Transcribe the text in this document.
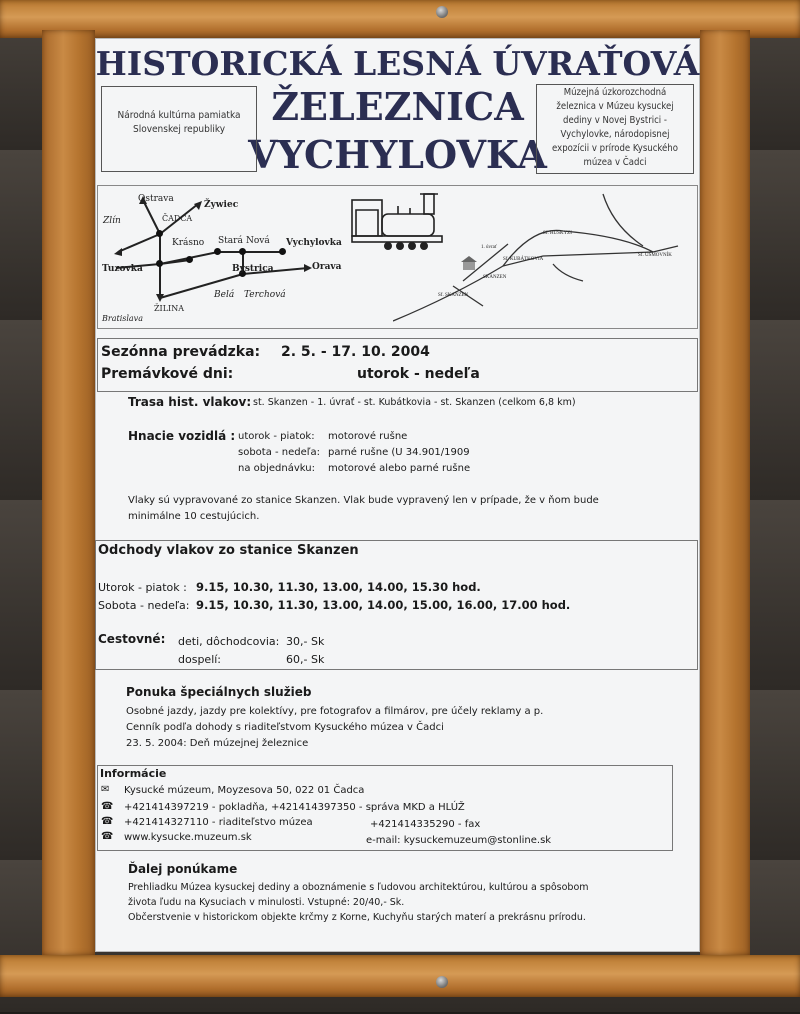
HISTORICKÁ LESNÁ ÚVRAŤOVÁ
ŽELEZNICA
VYCHYLOVKA
Národná kultúrna pamiatka
Slovenskej republiky
Múzejná úzkorozchodná
železnica v Múzeu kysuckej
dediny v Novej Bystrici -
Vychylovke, národopisnej
expozícii v prírode Kysuckého
múzea v Čadci
Ostrava
Žywiec
Zlín	ČADCA
Krásno Stará Nová Vychylovka
Tuzovka	Bystrica	Orava
Belá Terchová
ŽILINA
Bratislava
1. úvrať
Sf. KUBÁTKOVIA
Sf. HUSKYZI
Sf. ÚSMOVNÍK
SKANZEN
Sf. SKANZEN
Sezónna prevádzka: 2. 5. - 17. 10. 2004
Premávkové dni:	utorok - nedeľa
Trasa hist. vlakov: st. Skanzen - 1. úvrať - st. Kubátkovia - st. Skanzen (celkom 6,8 km)
Hnacie vozidlá : utorok - piatok: motorové rušne
sobota - nedeľa: parné rušne (U 34.901/1909
na objednávku: motorové alebo parné rušne
Vlaky sú vypravované zo stanice Skanzen. Vlak bude vypravený len v prípade, že v ňom bude
minimálne 10 cestujúcich.
Odchody vlakov zo stanice Skanzen
Utorok - piatok : 9.15, 10.30, 11.30, 13.00, 14.00, 15.30 hod.
Sobota - nedeľa: 9.15, 10.30, 11.30, 13.00, 14.00, 15.00, 16.00, 17.00 hod.
Cestovné: deti, dôchodcovia: 30,- Sk
dospelí:	60,- Sk
Ponuka špeciálnych služieb
Osobné jazdy, jazdy pre kolektívy, pre fotografov a filmárov, pre účely reklamy a p.
Cenník podľa dohody s riaditeľstvom Kysuckého múzea v Čadci
23. 5. 2004: Deň múzejnej železnice
Informácie
✉ Kysucké múzeum, Moyzesova 50, 022 01 Čadca
☎ +421414397219 - pokladňa, +421414397350 - správa MKD a HLÚŽ
☎ +421414327110 - riaditeľstvo múzea	+421414335290 - fax
☎ www.kysucke.muzeum.sk	e-mail: kysuckemuzeum@stonline.sk
Ďalej ponúkame
Prehliadku Múzea kysuckej dediny a oboznámenie s ľudovou architektúrou, kultúrou a spôsobom
života ľudu na Kysuciach v minulosti. Vstupné: 20/40,- Sk.
Občerstvenie v historickom objekte krčmy z Korne, Kuchyňu starých materí a prekrásnu prírodu.
